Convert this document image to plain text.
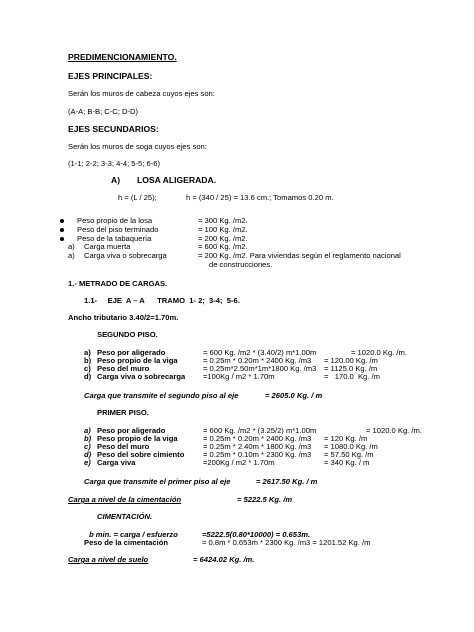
PREDIMENCIONAMIENTO.
EJES PRINCIPALES:
Serán los muros de cabeza cuyos ejes son:
(A-A; B-B; C-C; D-D)
EJES SECUNDARIOS:
Serán los muros de soga cuyos ejes son:
(1-1; 2-2; 3-3; 4-4; 5-5; 6-6)
A) LOSA ALIGERADA.
h = (L / 25);	h = (340 / 25) = 13.6 cm.; Tomamos 0.20 m.
Peso propio de la losa	= 300 Kg. /m2.
Peso del piso terminado	= 100 Kg. /m2.
Peso de la tabaquería	= 200 Kg. /m2.
a) Carga muerta	= 600 Kg. /m2.
a) Carga viva o sobrecarga	= 200 Kg. /m2. Para viviendas según el reglamento nacional
de construcciones.
1.- METRADO DE CARGAS.
1.1-     EJE  A – A      TRAMO  1- 2;  3-4;  5-6.
Ancho tributario 3.40/2=1.70m.
SEGUNDO PISO.
a) Peso por aligerado	= 600 Kg. /m2 * (3.40/2) m*1.00m	= 1020.0 Kg. /m.
b) Peso propio de la viga	= 0.25m * 0.20m * 2400 Kg. /m3 = 120.00 Kg. /m
c) Peso del muro	= 0.25m*2.50m*1m*1800 Kg. /m3 = 1125.0 Kg. /m
d) Carga viva o sobrecarga =100Kg / m2 * 1.70m	=   170.0  Kg. /m
Carga que transmite el segundo piso al eje	= 2605.0 Kg. / m
PRIMER PISO.
a) Peso por aligerado	= 600 Kg. /m2 * (3.25/2) m*1.00m	= 1020.0 Kg. /m.
b) Peso propio de la viga	= 0.25m * 0.20m * 2400 Kg. /m3 = 120 Kg. /m
c) Peso del muro	= 0.25m * 2.40m * 1800 Kg. /m3 = 1080.0 Kg. /m
d) Peso del sobre cimiento = 0.25m * 0.10m * 2300 Kg. /m3 = 57.50 Kg. /m
e) Carga viva	=200Kg / m2 * 1.70m	= 340 Kg. / m
Carga que transmite el primer piso al eje	= 2617.50 Kg. / m
Carga a nivel de la cimentación	= 5222.5 Kg. /m
CIMENTACIÓN.
b min. = carga / esfuerzo	=5222.5(0.80*10000) = 0.653m.
Peso de la cimentación	= 0.8m * 0.653m * 2300 Kg. /m3 = 1201.52 Kg. /m
Carga a nivel de suelo	= 6424.02 Kg. /m.
